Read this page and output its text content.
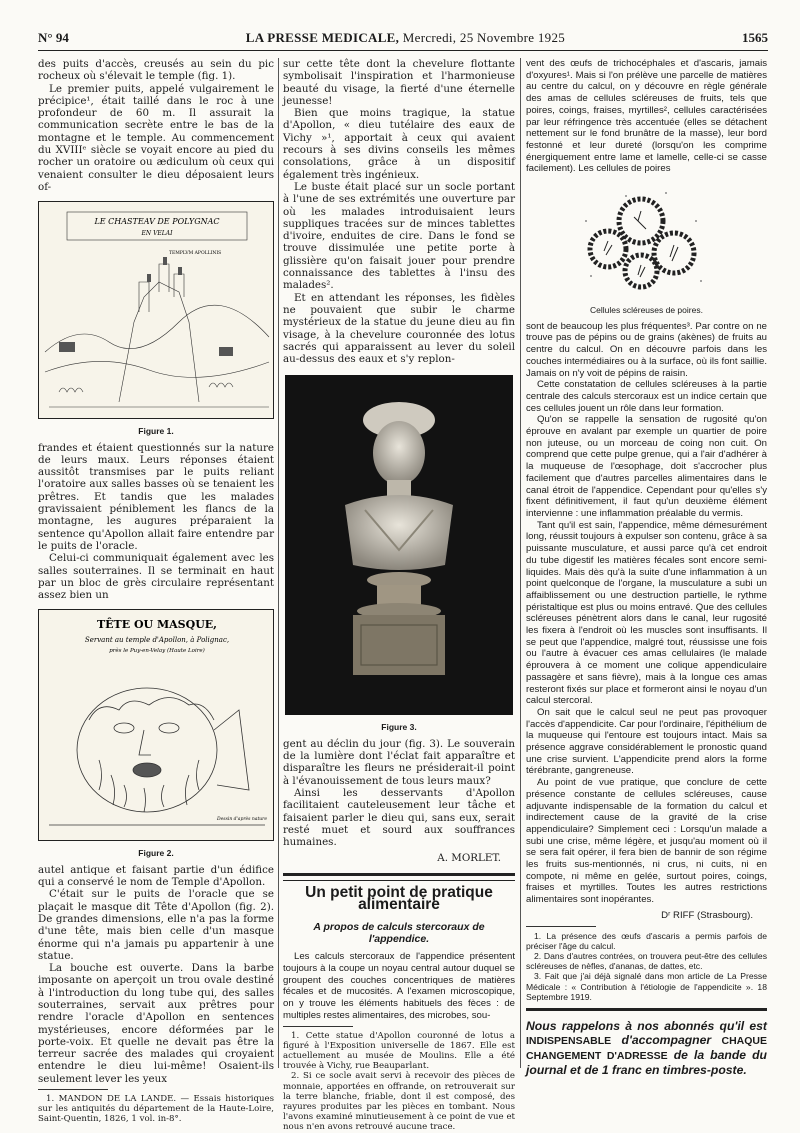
N° 94	LA PRESSE MEDICALE, Mercredi, 25 Novembre 1925	1565

des puits d'accès, creusés au sein du pic rocheux où s'élevait le temple (fig. 1).

Le premier puits, appelé vulgairement le précipice¹, était taillé dans le roc à une profondeur de 60 m. Il assurait la communication secrète entre le bas de la montagne et le temple. Au commencement du XVIIIᵉ siècle se voyait encore au pied du rocher un oratoire ou ædiculum où ceux qui venaient consulter le dieu déposaient leurs of-

LE CHASTEAV DE POLYGNAC
EN VELAI
TEMPLVM APOLLINIS
Figure 1.

frandes et étaient questionnés sur la nature de leurs maux. Leurs réponses étaient aussitôt transmises par le puits reliant l'oratoire aux salles basses où se tenaient les prêtres. Et tandis que les malades gravissaient péniblement les flancs de la montagne, les augures préparaient la sentence qu'Apollon allait faire entendre par le puits de l'oracle.

Celui-ci communiquait également avec les salles souterraines. Il se terminait en haut par un bloc de grès circulaire représentant assez bien un

TÊTE OU MASQUE,
Servant au temple d'Apollon, à Polignac,
près le Puy-en-Velay (Haute Loire)
Dessin d'après nature
Figure 2.

autel antique et faisant partie d'un édifice qui a conservé le nom de Temple d'Apollon.

C'était sur le puits de l'oracle que se plaçait le masque dit Tête d'Apollon (fig. 2). De grandes dimensions, elle n'a pas la forme d'une tête, mais bien celle d'un masque énorme qui n'a jamais pu appartenir à une statue.

La bouche est ouverte. Dans la barbe imposante on aperçoit un trou ovale destiné à l'introduction du long tube qui, des salles souterraines, servait aux prêtres pour rendre l'oracle d'Apollon en sentences mystérieuses, encore déformées par le porte-voix. Et quelle ne devait pas être la terreur sacrée des malades qui croyaient entendre le dieu lui-même! Osaient-ils seulement lever les yeux

1. MANDON DE LA LANDE. — Essais historiques sur les antiquités du département de la Haute-Loire, Saint-Quentin, 1826, 1 vol. in-8°.

sur cette tête dont la chevelure flottante symbolisait l'inspiration et l'harmonieuse beauté du visage, la fierté d'une éternelle jeunesse!

Bien que moins tragique, la statue d'Apollon, « dieu tutélaire des eaux de Vichy »¹, apportait à ceux qui avaient recours à ses divins conseils les mêmes consolations, grâce à un dispositif également très ingénieux.

Le buste était placé sur un socle portant à l'une de ses extrémités une ouverture par où les malades introduisaient leurs suppliques tracées sur de minces tablettes d'ivoire, enduites de cire. Dans le fond se trouve dissimulée une petite porte à glissière qu'on faisait jouer pour prendre connaissance des tablettes à l'insu des malades².

Et en attendant les réponses, les fidèles ne pouvaient que subir le charme mystérieux de la statue du jeune dieu au fin visage, à la chevelure couronnée des lotus sacrés qui apparaissent au lever du soleil au-dessus des eaux et s'y replon-

Figure 3.

gent au déclin du jour (fig. 3). Le souverain de la lumière dont l'éclat fait apparaître et disparaître les fleurs ne présiderait-il point à l'évanouissement de tous leurs maux?

Ainsi les desservants d'Apollon facilitaient cauteleusement leur tâche et faisaient parler le dieu qui, sans eux, serait resté muet et sourd aux souffrances humaines.

A. MORLET.
Un petit point de pratique alimentaire
A propos de calculs stercoraux de l'appendice.

Les calculs stercoraux de l'appendice présentent toujours à la coupe un noyau central autour duquel se groupent des couches concentriques de matières fécales et de mucosités. A l'examen microscopique, on y trouve les éléments habituels des fèces : de multiples restes alimentaires, des microbes, sou-

1. Cette statue d'Apollon couronné de lotus a figuré à l'Exposition universelle de 1867. Elle est actuellement au musée de Moulins. Elle a été trouvée à Vichy, rue Beauparlant.

2. Si ce socle avait servi à recevoir des pièces de monnaie, apportées en offrande, on retrouverait sur la terre blanche, friable, dont il est composé, des rayures produites par les pièces en tombant. Nous l'avons examiné minutieusement à ce point de vue et nous n'en avons retrouvé aucune trace.

vent des œufs de trichocéphales et d'ascaris, jamais d'oxyures¹. Mais si l'on prélève une parcelle de matières au centre du calcul, on y découvre en règle générale des amas de cellules scléreuses de fruits, tels que poires, coings, fraises, myrtilles², cellules caractérisées par leur réfringence très accentuée (elles se détachent nettement sur le fond brunâtre de la masse), leur bord festonné et leur dureté (lorsqu'on les comprime énergiquement entre lame et lamelle, celle-ci se casse facilement). Les cellules de poires

Cellules scléreuses de poires.

sont de beaucoup les plus fréquentes³. Par contre on ne trouve pas de pépins ou de grains (akènes) de fruits au centre du calcul. On en découvre parfois dans les couches intermédiaires ou à la surface, où ils font saillie. Jamais on n'y voit de pépins de raisin.

Cette constatation de cellules scléreuses à la partie centrale des calculs stercoraux est un indice certain que ces cellules jouent un rôle dans leur formation.

Qu'on se rappelle la sensation de rugosité qu'on éprouve en avalant par exemple un quartier de poire non juteuse, ou un morceau de coing non cuit. On comprend que cette pulpe grenue, qui a l'air d'adhérer à la muqueuse de l'œsophage, doit s'accrocher plus facilement que d'autres parcelles alimentaires dans le canal étroit de l'appendice. Cependant pour qu'elles s'y fixent définitivement, il faut qu'un deuxième élément intervienne : une inflammation préalable du vermis.

Tant qu'il est sain, l'appendice, même démesurément long, réussit toujours à expulser son contenu, grâce à sa puissante musculature, et aussi parce qu'à cet endroit du tube digestif les matières fécales sont encore semi-liquides. Mais dès qu'à la suite d'une inflammation à un point quelconque de l'organe, la musculature a subi un affaiblissement ou une destruction partielle, le rythme péristaltique est plus ou moins entravé. Que des cellules scléreuses pénètrent alors dans le canal, leur rugosité les fixera à l'endroit où les muscles sont insuffisants. Il se peut que l'appendice, malgré tout, réussisse une fois ou l'autre à évacuer ces amas cellulaires (le malade éprouvera à ce moment une colique appendiculaire passagère et sans fièvre), mais à la longue ces amas resteront fixés sur place et formeront ainsi le noyau d'un calcul stercoral.

On sait que le calcul seul ne peut pas provoquer l'accès d'appendicite. Car pour l'ordinaire, l'épithélium de la muqueuse qui l'entoure est toujours intact. Mais sa présence aggrave considérablement le pronostic quand une crise survient. L'appendicite prend alors la forme térébrante, gangreneuse.

Au point de vue pratique, que conclure de cette présence constante de cellules scléreuses, cause adjuvante indispensable de la formation du calcul et indirectement cause de la gravité de la crise appendiculaire? Simplement ceci : Lorsqu'un malade a subi une crise, même légère, et jusqu'au moment où il se sera fait opérer, il fera bien de bannir de son régime les fruits sus-mentionnés, ni crus, ni cuits, ni en compote, ni même en gelée, surtout poires, coings, fraises et myrtilles. Toutes les autres restrictions alimentaires sont inopérantes.

Dʳ RIFF (Strasbourg).

1. La présence des œufs d'ascaris a permis parfois de préciser l'âge du calcul.

2. Dans d'autres contrées, on trouvera peut-être des cellules scléreuses de nèfles, d'ananas, de dattes, etc.

3. Fait que j'ai déjà signalé dans mon article de La Presse Médicale : « Contribution à l'étiologie de l'appendicite ». 18 Septembre 1919.

Nous rappelons à nos abonnés qu'il est INDISPENSABLE d'accompagner CHAQUE CHANGEMENT D'ADRESSE de la bande du journal et de 1 franc en timbres-poste.
